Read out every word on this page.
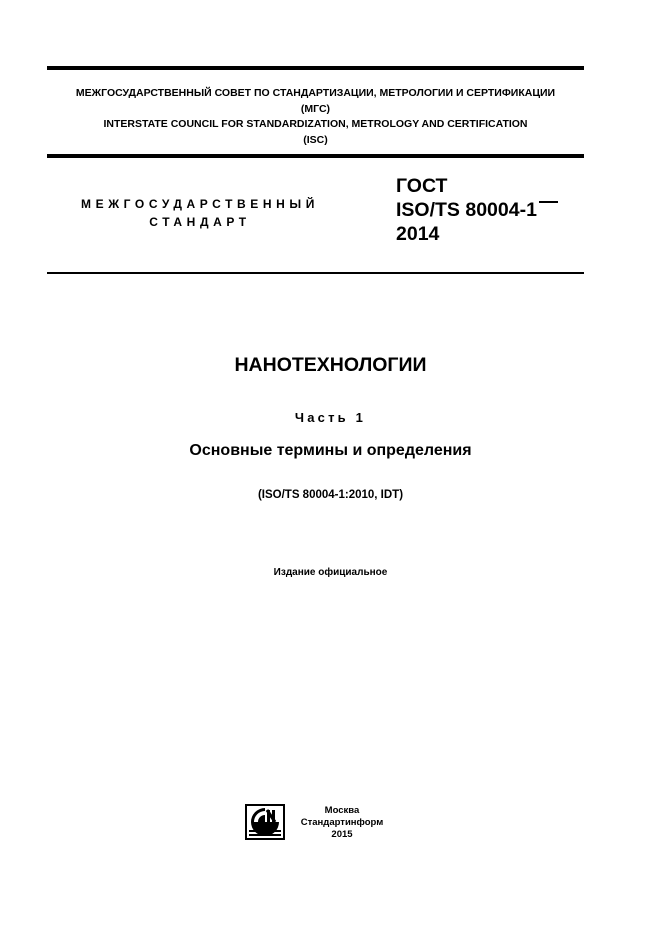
МЕЖГОСУДАРСТВЕННЫЙ СОВЕТ ПО СТАНДАРТИЗАЦИИ, МЕТРОЛОГИИ И СЕРТИФИКАЦИИ
(МГС)
INTERSTATE COUNCIL FOR STANDARDIZATION, METROLOGY AND CERTIFICATION
(ISC)
МЕЖГОСУДАРСТВЕННЫЙ
СТАНДАРТ
ГОСТ
ISO/TS 80004-1
2014
НАНОТЕХНОЛОГИИ
Часть 1
Основные термины и определения
(ISO/TS 80004-1:2010, IDT)
Издание официальное
Москва
Стандартинформ
2015
